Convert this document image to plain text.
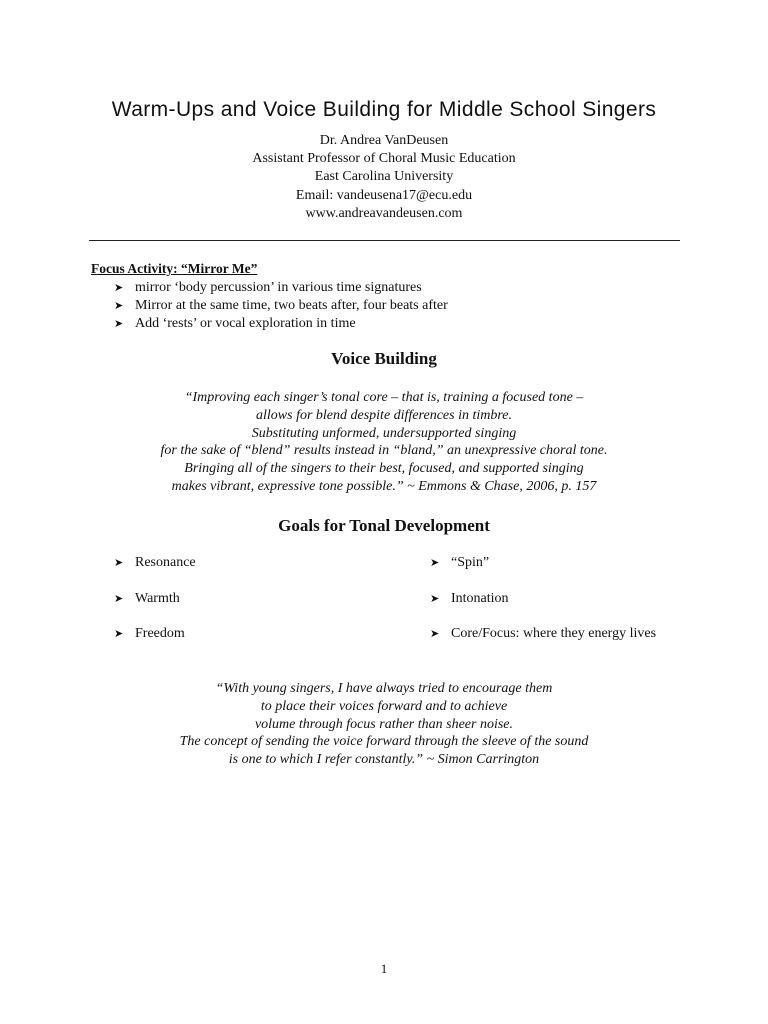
Warm-Ups and Voice Building for Middle School Singers
Dr. Andrea VanDeusen
Assistant Professor of Choral Music Education
East Carolina University
Email: vandeusena17@ecu.edu
www.andreavandeusen.com
Focus Activity: “Mirror Me”
➤ mirror ‘body percussion’ in various time signatures
➤ Mirror at the same time, two beats after, four beats after
➤ Add ‘rests’ or vocal exploration in time
Voice Building
“Improving each singer’s tonal core – that is, training a focused tone –
allows for blend despite differences in timbre.
Substituting unformed, undersupported singing
for the sake of “blend” results instead in “bland,” an unexpressive choral tone.
Bringing all of the singers to their best, focused, and supported singing
makes vibrant, expressive tone possible.” ~ Emmons & Chase, 2006, p. 157
Goals for Tonal Development
➤ Resonance
➤ Warmth
➤ Freedom
➤ “Spin”
➤ Intonation
➤ Core/Focus: where they energy lives
“With young singers, I have always tried to encourage them
to place their voices forward and to achieve
volume through focus rather than sheer noise.
The concept of sending the voice forward through the sleeve of the sound
is one to which I refer constantly.” ~ Simon Carrington
1
